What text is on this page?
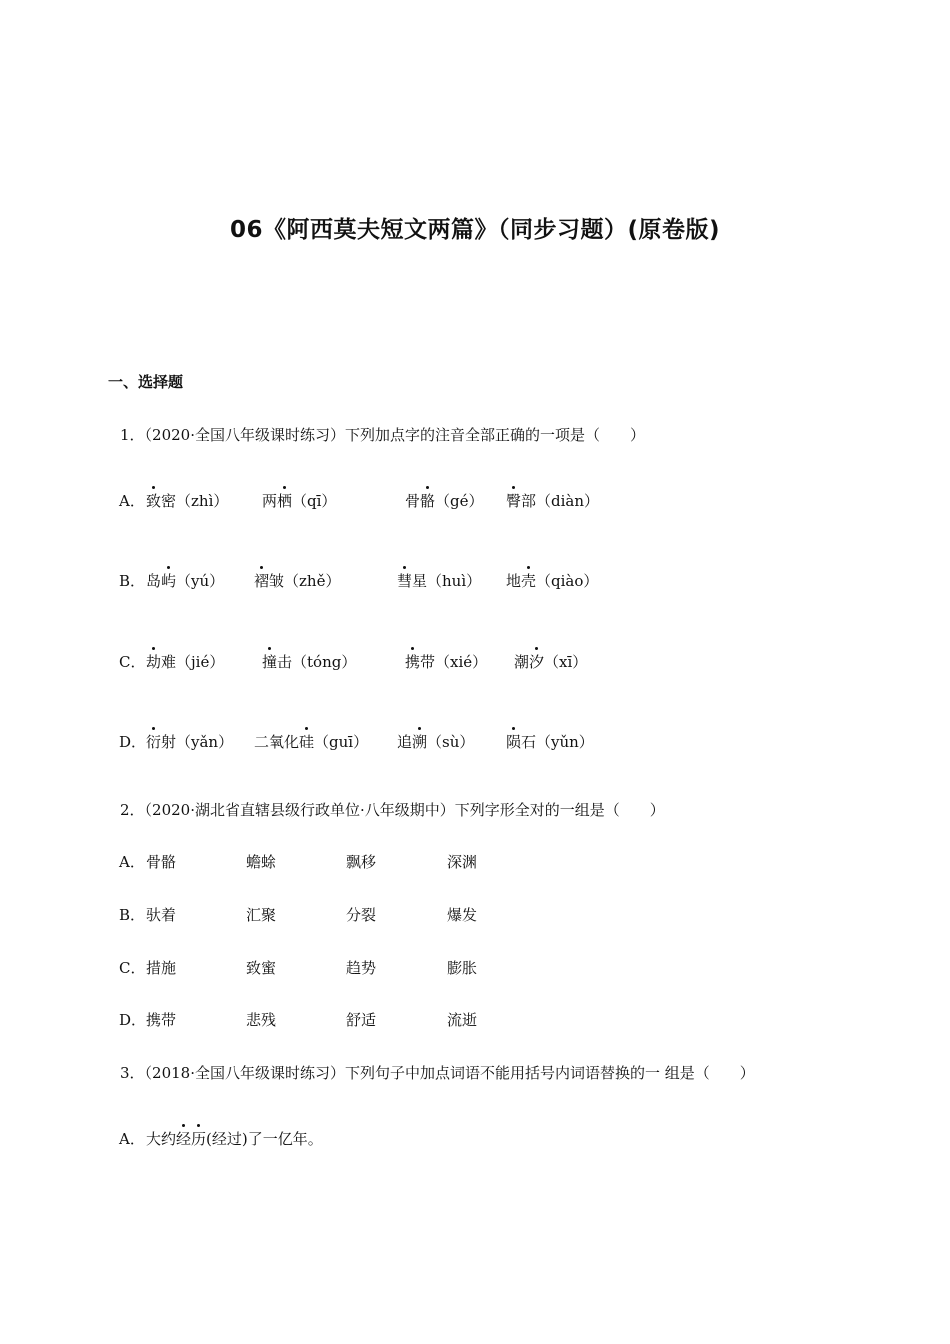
06《阿西莫夫短文两篇》（同步习题）(原卷版)
一、选择题
1．（2020·全国八年级课时练习）下列加点字的注音全部正确的一项是（　　）
A． 致密（zhì） 两栖（qī）	骨骼（gé） 臀部（diàn）
B． 岛屿（yú） 褶皱（zhě）	彗星（huì） 地壳（qiào）
C． 劫难（jié）	撞击（tóng）	携带（xié） 潮汐（xī）
D． 衍射（yǎn） 二氧化硅（guī） 追溯（sù） 陨石（yǔn）
2．（2020·湖北省直辖县级行政单位·八年级期中）下列字形全对的一组是（　　）
A． 骨骼	蟾蜍	飘移	深渊
B． 驮着	汇聚	分裂	爆发
C． 措施	致蜜	趋势	膨胀
D． 携带	悲残	舒适	流逝
3．（2018·全国八年级课时练习）下列句子中加点词语不能用括号内词语替换的一 组是（　　）
A． 大约经历(经过)了一亿年。
